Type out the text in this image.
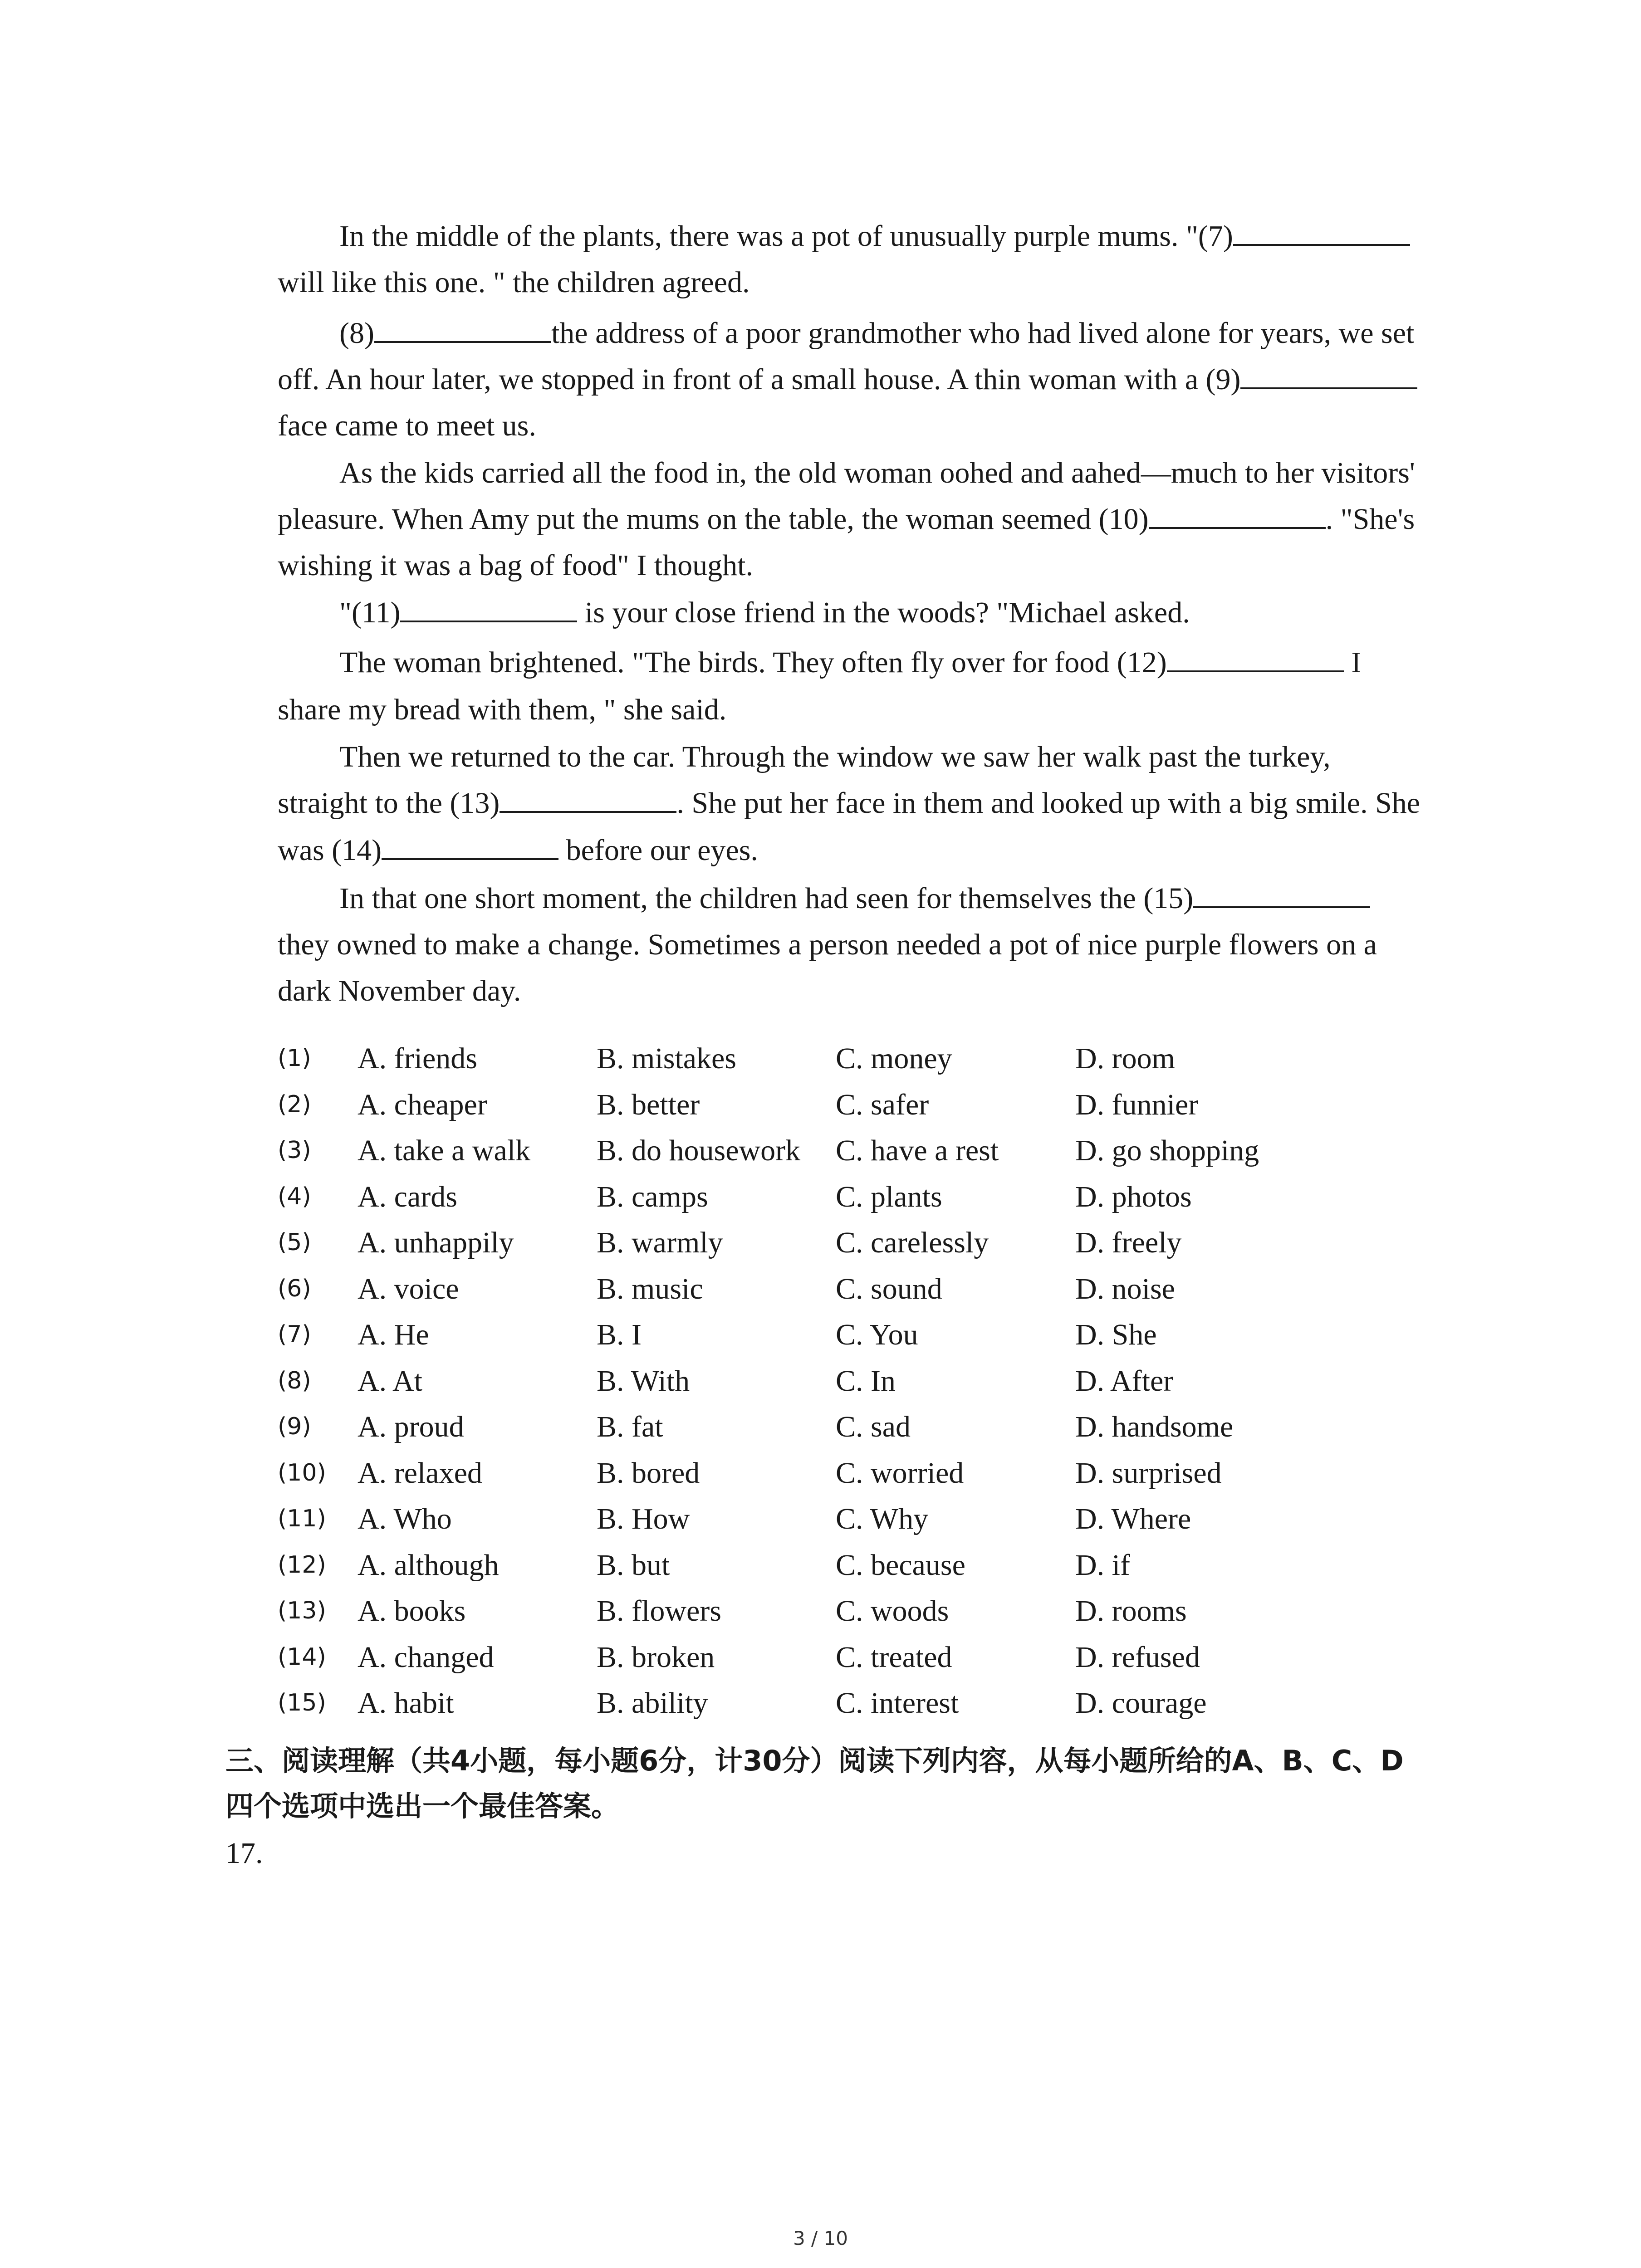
In the middle of the plants, there was a pot of unusually purple mums. "(7)
will like this one. " the children agreed.
(8)	the address of a poor grandmother who had lived alone for years, we set
off. An hour later, we stopped in front of a small house. A thin woman with a (9)
face came to meet us.
As the kids carried all the food in, the old woman oohed and aahed—much to her visitors'
pleasure. When Amy put the mums on the table, the woman seemed (10)	. "She's
wishing it was a bag of food" I thought.
"(11)	is your close friend in the woods? "Michael asked.
The woman brightened. "The birds. They often fly over for food (12)	I
share my bread with them, " she said.
Then we returned to the car. Through the window we saw her walk past the turkey,
straight to the (13)	. She put her face in them and looked up with a big smile. She
was (14)	before our eyes.
In that one short moment, the children had seen for themselves the (15)
they owned to make a change. Sometimes a person needed a pot of nice purple flowers on a
dark November day.
(1)	A. friends	B. mistakes	C. money	D. room
(2)	A. cheaper	B. better	C. safer	D. funnier
(3)	A. take a walk B. do housework C. have a rest	D. go shopping
(4)	A. cards	B. camps	C. plants	D. photos
(5)	A. unhappily	B. warmly	C. carelessly	D. freely
(6)	A. voice	B. music	C. sound	D. noise
(7)	A. He	B. I	C. You	D. She
(8)	A. At	B. With	C. In	D. After
(9)	A. proud	B. fat	C. sad	D. handsome
(10)	A. relaxed	B. bored	C. worried	D. surprised
(11)	A. Who	B. How	C. Why	D. Where
(12)	A. although	B. but	C. because	D. if
(13)	A. books	B. flowers	C. woods	D. rooms
(14)	A. changed	B. broken	C. treated	D. refused
(15)	A. habit	B. ability	C. interest	D. courage
三、阅读理解（共4小题，每小题6分，计30分）阅读下列内容，从每小题所给的A、B、C、D
四个选项中选出一个最佳答案。
17.
3 / 10
